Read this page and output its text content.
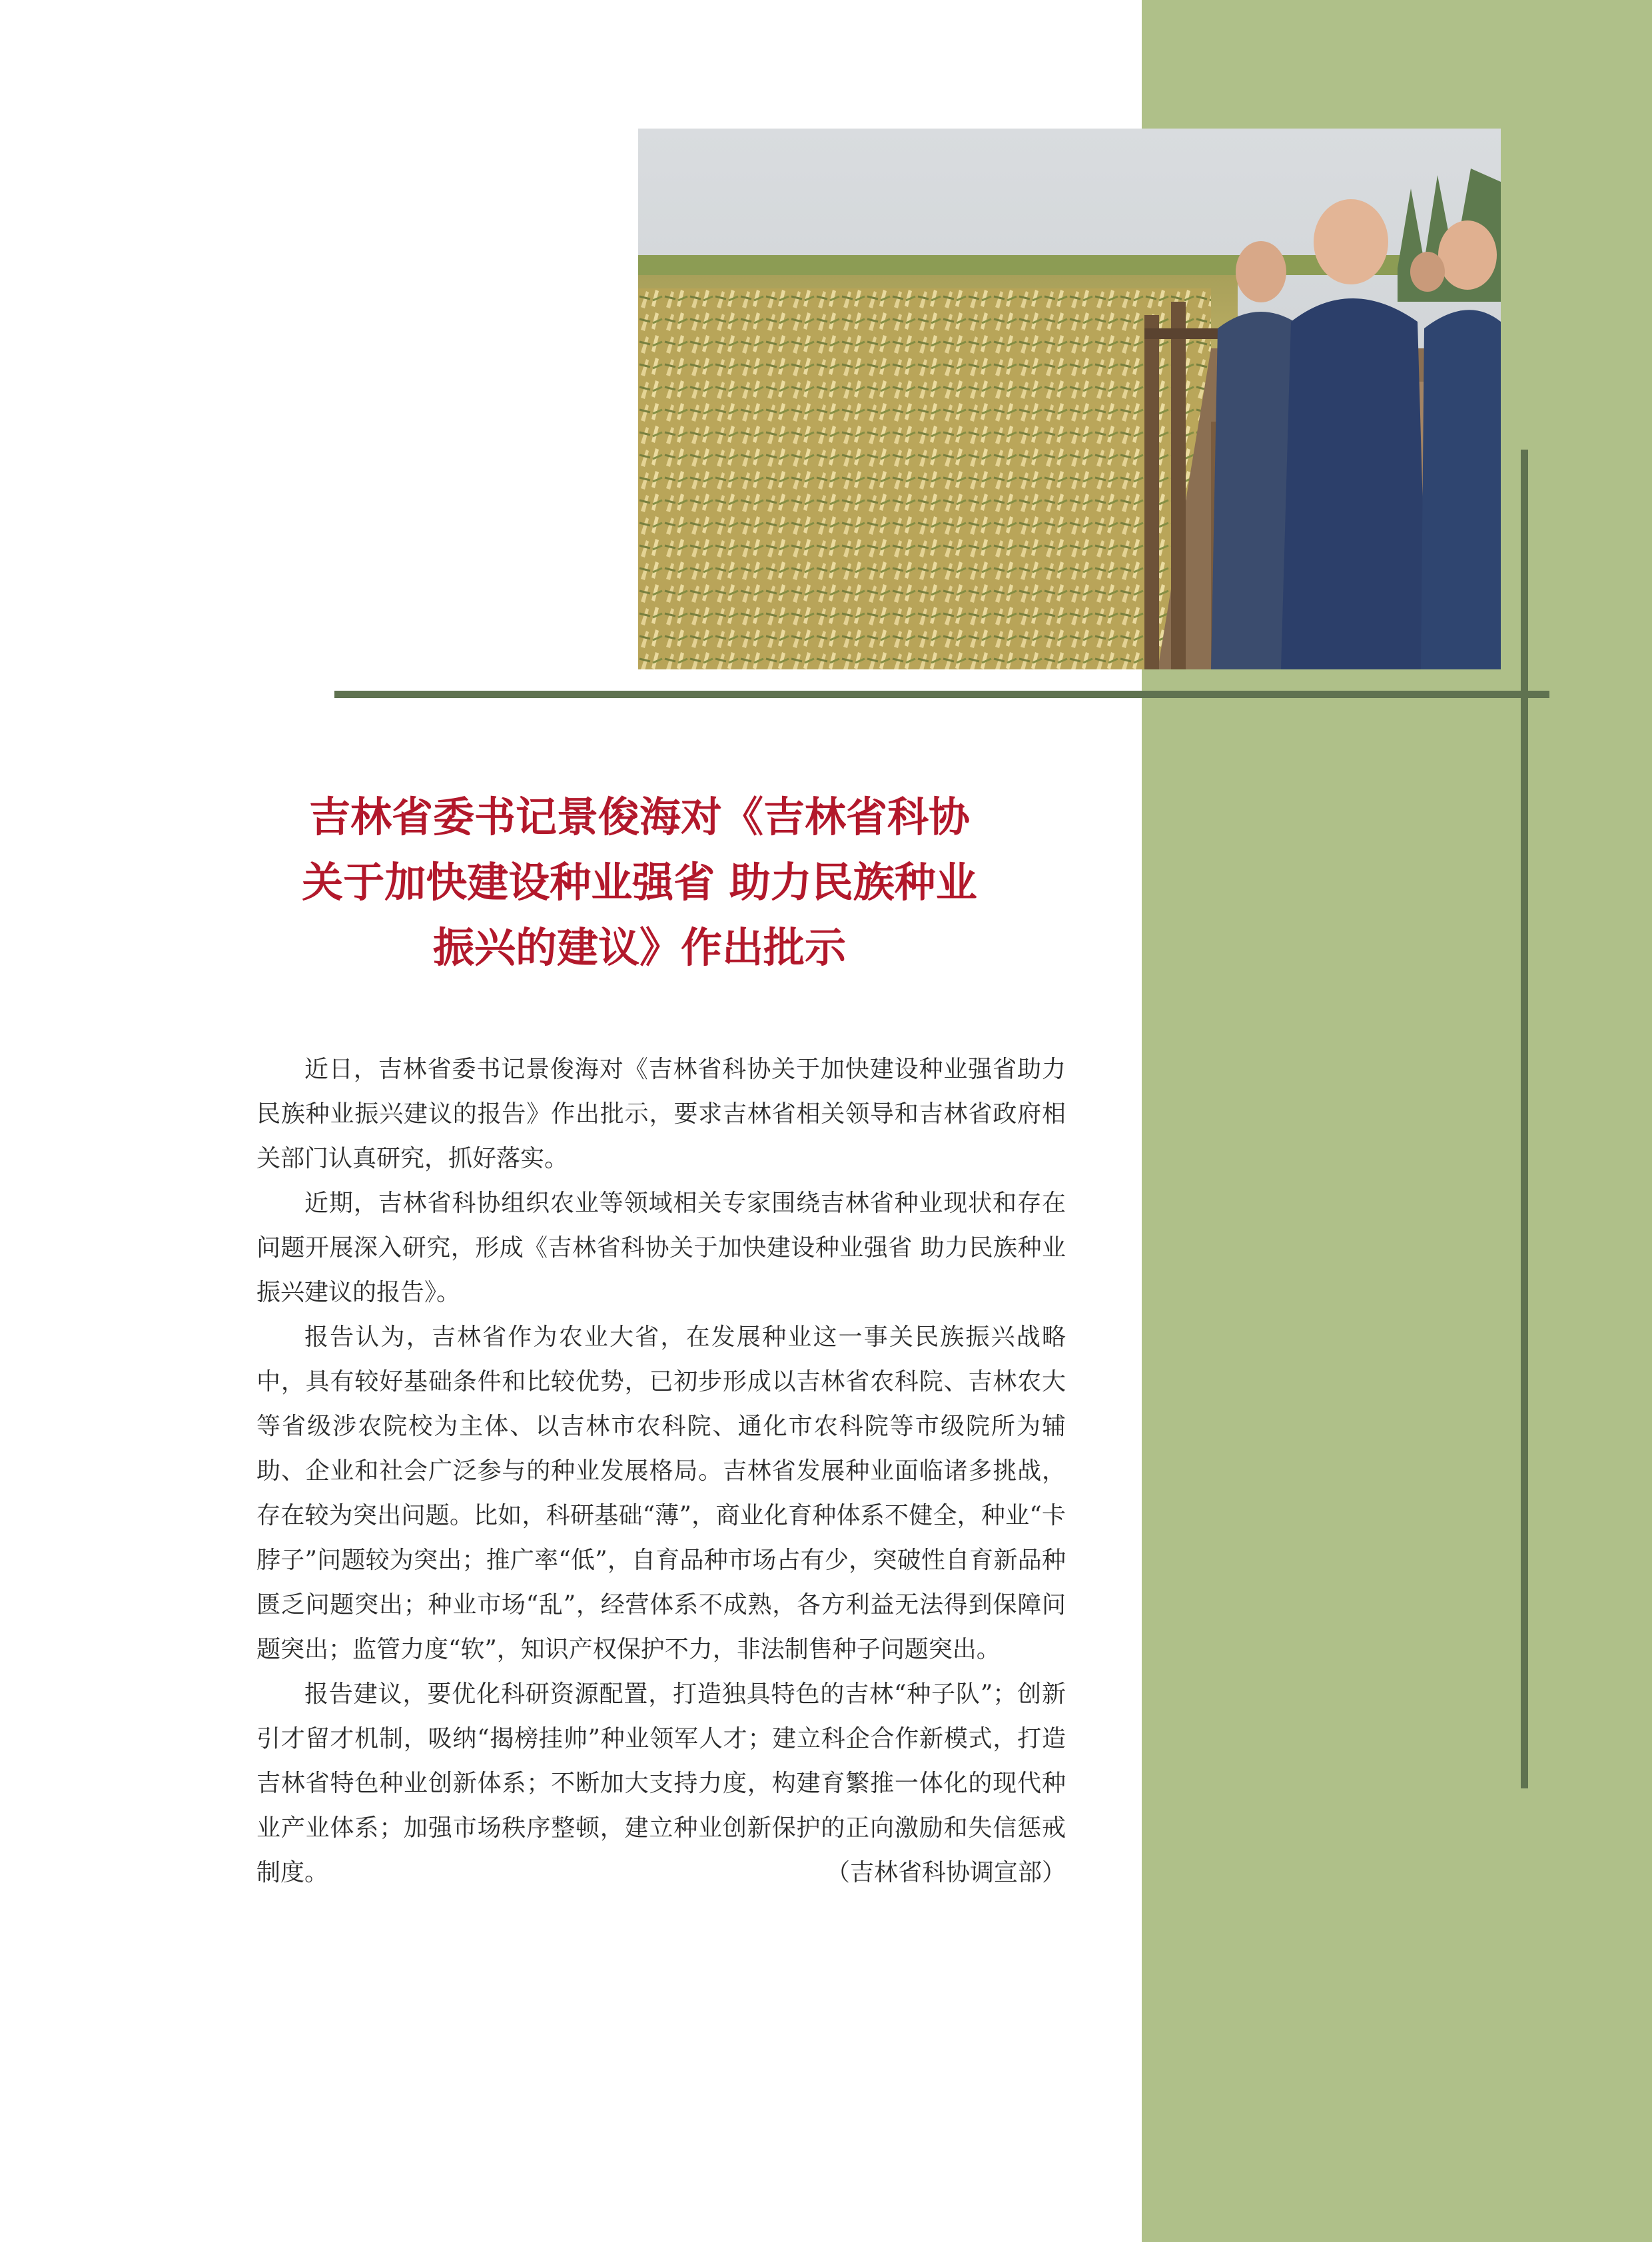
吉林省委书记景俊海对《吉林省科协
关于加快建设种业强省 助力民族种业
振兴的建议》作出批示

近日，吉林省委书记景俊海对《吉林省科协关于加快建设种业强省助力民族种业振兴建议的报告》作出批示，要求吉林省相关领导和吉林省政府相关部门认真研究，抓好落实。

近期，吉林省科协组织农业等领域相关专家围绕吉林省种业现状和存在问题开展深入研究，形成《吉林省科协关于加快建设种业强省 助力民族种业振兴建议的报告》。

报告认为，吉林省作为农业大省，在发展种业这一事关民族振兴战略中，具有较好基础条件和比较优势，已初步形成以吉林省农科院、吉林农大等省级涉农院校为主体、以吉林市农科院、通化市农科院等市级院所为辅助、企业和社会广泛参与的种业发展格局。吉林省发展种业面临诸多挑战，存在较为突出问题。比如，科研基础“薄”，商业化育种体系不健全，种业“卡脖子”问题较为突出；推广率“低”，自育品种市场占有少，突破性自育新品种匮乏问题突出；种业市场“乱”，经营体系不成熟，各方利益无法得到保障问题突出；监管力度“软”，知识产权保护不力，非法制售种子问题突出。

报告建议，要优化科研资源配置，打造独具特色的吉林“种子队”；创新引才留才机制，吸纳“揭榜挂帅”种业领军人才；建立科企合作新模式，打造吉林省特色种业创新体系；不断加大支持力度，构建育繁推一体化的现代种业产业体系；加强市场秩序整顿，建立种业创新保护的正向激励和失信惩戒制度。	（吉林省科协调宣部）
